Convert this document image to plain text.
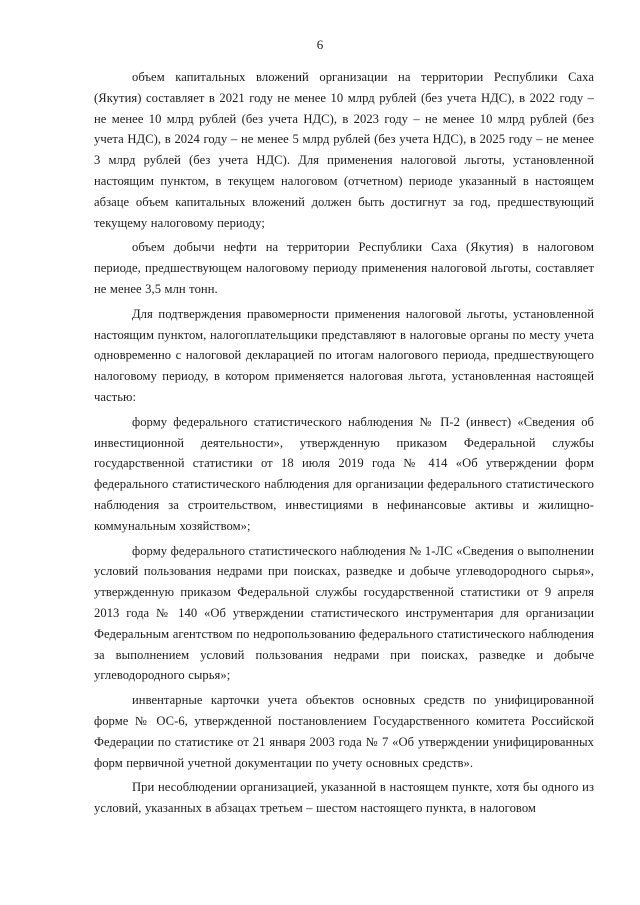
6

объем капитальных вложений организации на территории Республики Саха (Якутия) составляет в 2021 году не менее 10 млрд рублей (без учета НДС), в 2022 году – не менее 10 млрд рублей (без учета НДС), в 2023 году – не менее 10 млрд рублей (без учета НДС), в 2024 году – не менее 5 млрд рублей (без учета НДС), в 2025 году – не менее 3 млрд рублей (без учета НДС). Для применения налоговой льготы, установленной настоящим пунктом, в текущем налоговом (отчетном) периоде указанный в настоящем абзаце объем капитальных вложений должен быть достигнут за год, предшествующий текущему налоговому периоду;

объем добычи нефти на территории Республики Саха (Якутия) в налоговом периоде, предшествующем налоговому периоду применения налоговой льготы, составляет не менее 3,5 млн тонн.

Для подтверждения правомерности применения налоговой льготы, установленной настоящим пунктом, налогоплательщики представляют в налоговые органы по месту учета одновременно с налоговой декларацией по итогам налогового периода, предшествующего налоговому периоду, в котором применяется налоговая льгота, установленная настоящей частью:

форму федерального статистического наблюдения № П-2 (инвест) «Сведения об инвестиционной деятельности», утвержденную приказом Федеральной службы государственной статистики от 18 июля 2019 года № 414 «Об утверждении форм федерального статистического наблюдения для организации федерального статистического наблюдения за строительством, инвестициями в нефинансовые активы и жилищно-коммунальным хозяйством»;

форму федерального статистического наблюдения № 1-ЛС «Сведения о выполнении условий пользования недрами при поисках, разведке и добыче углеводородного сырья», утвержденную приказом Федеральной службы государственной статистики от 9 апреля 2013 года № 140 «Об утверждении статистического инструментария для организации Федеральным агентством по недропользованию федерального статистического наблюдения за выполнением условий пользования недрами при поисках, разведке и добыче углеводородного сырья»;

инвентарные карточки учета объектов основных средств по унифицированной форме № ОС-6, утвержденной постановлением Государственного комитета Российской Федерации по статистике от 21 января 2003 года № 7 «Об утверждении унифицированных форм первичной учетной документации по учету основных средств».

При несоблюдении организацией, указанной в настоящем пункте, хотя бы одного из условий, указанных в абзацах третьем – шестом настоящего пункта, в налоговом
